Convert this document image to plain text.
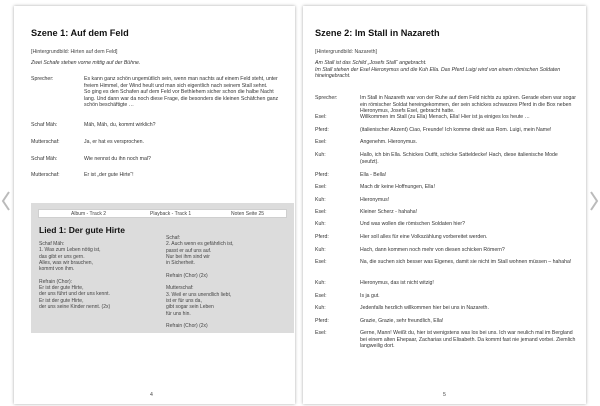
Szene 1: Auf dem Feld
[Hintergrundbild: Hirten auf dem Feld]
Zwei Schafe stehen vorne mittig auf der Bühne.
Sprecher:	Es kann ganz schön ungemütlich sein, wenn man nachts auf einem Feld steht, unter freiem Himmel, der Wind heult und man sich eigentlich nach seinem Stall sehnt.
So ging es den Schafen auf dem Feld vor Bethlehem sicher schon die halbe Nacht lang. Und dann war da noch diese Frage, die besonders die kleinen Schäfchen ganz schön beschäftigte …
Schaf Mäh:	Mäh, Mäh, du, kommt wirklich?
Mutterschaf:	Ja, er hat es versprochen.
Schaf Mäh:	Wie nennst du ihn noch mal?
Mutterschaf:	Er ist „der gute Hirte“!
Album - Track 2	Playback - Track 1	Noten Seite 25
Lied 1: Der gute Hirte
Schaf Mäh:
1. Was zum Leben nötig ist,
das gibt er uns gern.
Alles, was wir brauchen,
kommt von ihm.

Refrain (Chor):
Er ist der gute Hirte,
der uns führt und der uns kennt.
Er ist der gute Hirte,
der uns seine Kinder nennt. (2x)
Schaf:
2. Auch wenn es gefährlich ist,
passt er auf uns auf.
Nur bei ihm sind wir
in Sicherheit.

Refrain (Chor) (2x)

Mutterschaf:
3. Weil er uns unendlich liebt,
ist er für uns da,
gibt sogar sein Leben
für uns hin.

Refrain (Chor) (2x)
4
Szene 2: Im Stall in Nazareth
[Hintergrundbild: Nazareth]
Am Stall ist das Schild „Josefs Stall“ angebracht.
Im Stall stehen der Esel Hieronymus und die Kuh Ella. Das Pferd Luigi wird von einem römischen Soldaten hineingebracht.
Sprecher:	Im Stall in Nazareth war von der Ruhe auf dem Feld nichts zu spüren. Gerade eben war sogar ein römischer Soldat hereingekommen, der sein schickes schwarzes Pferd in die Box neben Hieronymus, Josefs Esel, gebracht hatte.
Esel:	Willkommen im Stall (zu Ella) Mensch, Ella! Hier ist ja einiges los heute …
Pferd:	(italienischer Akzent) Ciao, Freunde! Ich komme direkt aus Rom. Luigi, mein Name!
Esel:	Angenehm. Hieronymus.
Kuh:	Hallo, ich bin Ella. Schickes Outfit, schicke Satteldecke! Hach, diese italienische Mode (seufzt).
Pferd:	Ella - Bella!
Esel:	Mach dir keine Hoffnungen, Ella!
Kuh:	Hieronymus!
Esel:	Kleiner Scherz - hahaha!
Kuh:	Und was wollen die römischen Soldaten hier?
Pferd:	Hier soll alles für eine Volkszählung vorbereitet werden.
Kuh:	Hach, dann kommen noch mehr von diesen schicken Römern?
Esel:	Na, die suchen sich besser was Eigenes, damit sie nicht im Stall wohnen müssen – hahaha!
Kuh:	Hieronymus, das ist nicht witzig!
Esel:	Is ja gut.
Kuh:	Jedenfalls herzlich willkommen hier bei uns in Nazareth.
Pferd:	Grazie, Grazie, sehr freundlich, Ella!
Esel:	Gerne, Mann! Weißt du, hier ist wenigstens was los bei uns. Ich war neulich mal im Bergland bei einem alten Ehepaar, Zacharias und Elisabeth. Da kommt fast nie jemand vorbei. Ziemlich langweilig dort.
5
